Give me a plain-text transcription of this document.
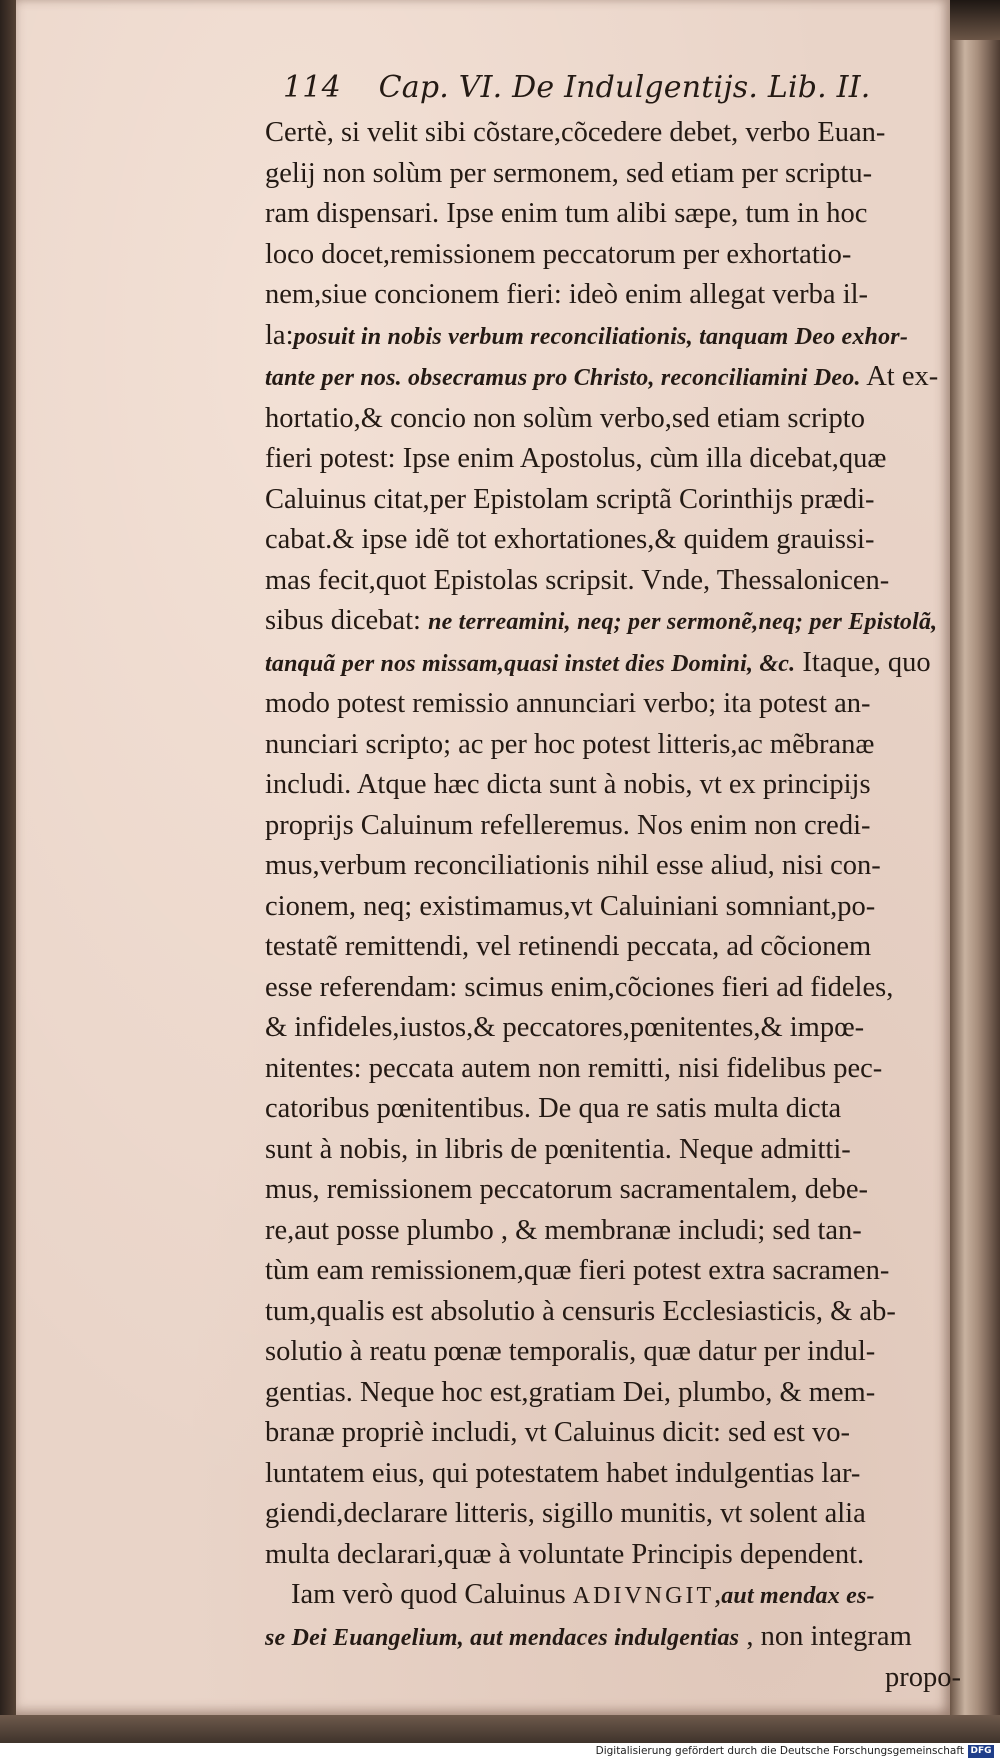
114 Cap. VI. De Indulgentijs. Lib. II.
Certè, si velit sibi cõstare,cõcedere debet, verbo Euan-
gelij non solùm per sermonem, sed etiam per scriptu-
ram dispensari. Ipse enim tum alibi sæpe, tum in hoc
loco docet,remissionem peccatorum per exhortatio-
nem,siue concionem fieri: ideò enim allegat verba il-
la:posuit in nobis verbum reconciliationis, tanquam Deo exhor-
tante per nos. obsecramus pro Christo, reconciliamini Deo. At ex-
hortatio,& concio non solùm verbo,sed etiam scripto
fieri potest: Ipse enim Apostolus, cùm illa dicebat,quæ
Caluinus citat,per Epistolam scriptã Corinthijs prædi-
cabat.& ipse idẽ tot exhortationes,& quidem grauissi-
mas fecit,quot Epistolas scripsit. Vnde, Thessalonicen-
sibus dicebat: ne terreamini, neq; per sermonẽ,neq; per Epistolã,
tanquã per nos missam,quasi instet dies Domini, &c. Itaque, quo
modo potest remissio annunciari verbo; ita potest an-
nunciari scripto; ac per hoc potest litteris,ac mẽbranæ
includi. Atque hæc dicta sunt à nobis, vt ex principijs
proprijs Caluinum refelleremus. Nos enim non credi-
mus,verbum reconciliationis nihil esse aliud, nisi con-
cionem, neq; existimamus,vt Caluiniani somniant,po-
testatẽ remittendi, vel retinendi peccata, ad cõcionem
esse referendam: scimus enim,cõciones fieri ad fideles,
& infideles,iustos,& peccatores,pœnitentes,& impœ-
nitentes: peccata autem non remitti, nisi fidelibus pec-
catoribus pœnitentibus. De qua re satis multa dicta
sunt à nobis, in libris de pœnitentia. Neque admitti-
mus, remissionem peccatorum sacramentalem, debe-
re,aut posse plumbo , & membranæ includi; sed tan-
tùm eam remissionem,quæ fieri potest extra sacramen-
tum,qualis est absolutio à censuris Ecclesiasticis, & ab-
solutio à reatu pœnæ temporalis, quæ datur per indul-
gentias. Neque hoc est,gratiam Dei, plumbo, & mem-
branæ propriè includi, vt Caluinus dicit: sed est vo-
luntatem eius, qui potestatem habet indulgentias lar-
giendi,declarare litteris, sigillo munitis, vt solent alia
multa declarari,quæ à voluntate Principis dependent.
Iam verò quod Caluinus ADIVNGIT,aut mendax es-
se Dei Euangelium, aut mendaces indulgentias , non integram
propo-
Digitalisierung gefördert durch die Deutsche Forschungsgemeinschaft DFG
